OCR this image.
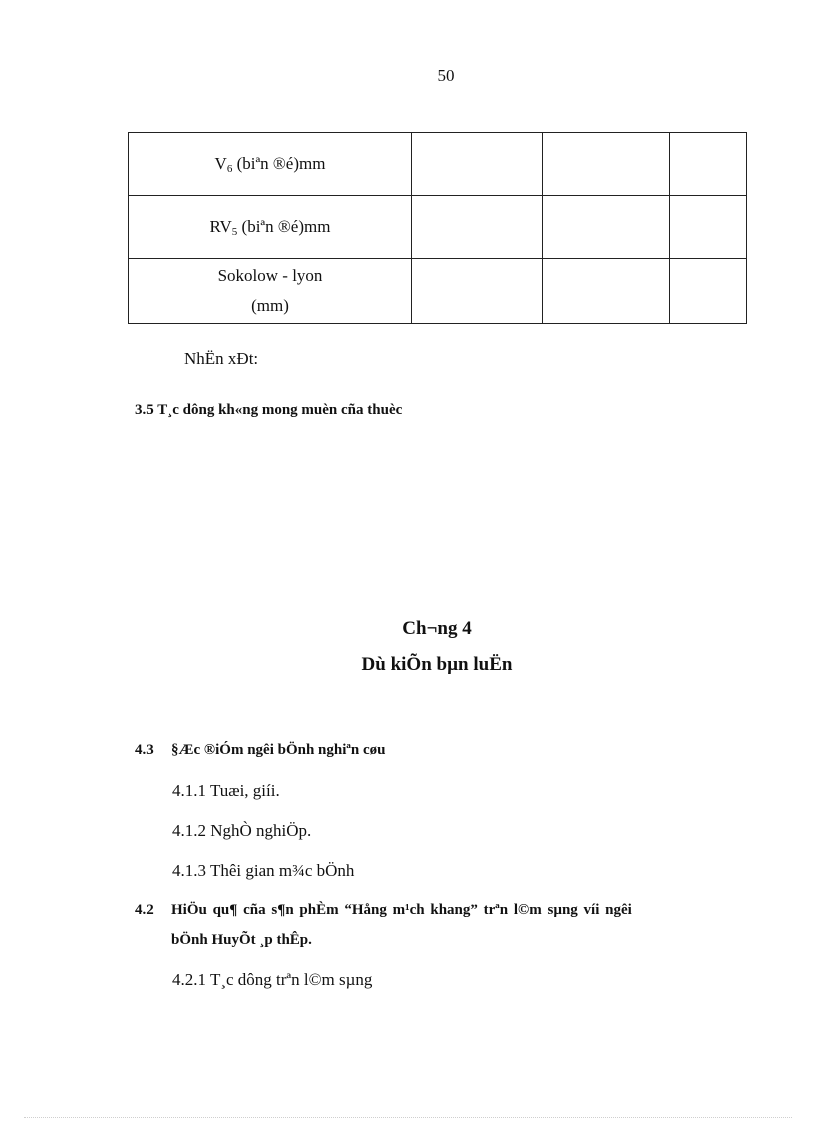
50
$V_6$ (biªn ®é)mm			
$RV_5$ (biªn ®é)mm			

Sokolow - lyon
(mm)			

NhËn xÐt:
3.5 T¸c dông kh«ng mong muèn cña thuèc
Ch¬ng 4
Dù kiÕn bµn luËn
4.3 §Æc ®iÓm ngêi bÖnh nghiªn cøu
4.1.1 Tuæi, giíi.
4.1.2 NghÒ nghiÖp.
4.1.3 Thêi gian m¾c bÖnh
4.2 HiÖu qu¶ cña s¶n phÈm “Hång m¹ch khang” trªn l©m sµng víi ngêi
bÖnh HuyÕt ¸p thÊp.
4.2.1 T¸c dông trªn l©m sµng
